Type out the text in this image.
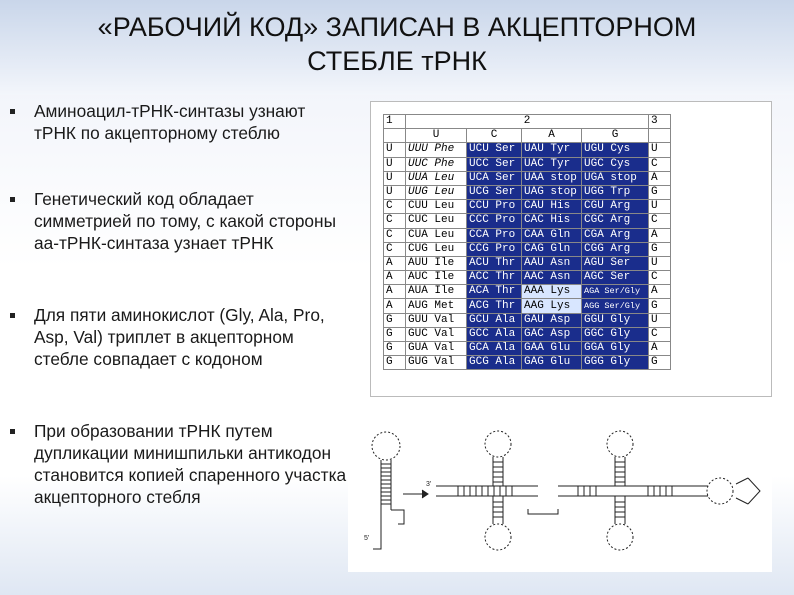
«РАБОЧИЙ КОД» ЗАПИСАН В АКЦЕПТОРНОМ
СТЕБЛЕ тРНК
Аминоацил-тРНК-синтазы узнают тРНК по акцепторному стеблю
Генетический код обладает симметрией по тому, с какой стороны аа-тРНК-синтаза узнает тРНК
Для пяти аминокислот (Gly, Ala, Pro, Asp, Val) триплет в акцепторном стебле совпадает с кодоном
При образовании тРНК путем дупликации минишпильки антикодон становится копией спаренного участка акцепторного стебля
1	2				3
	U	C	A	G	
U	UUU Phe	UCU Ser	UAU Tyr	UGU Cys	U
U	UUC Phe	UCC Ser	UAC Tyr	UGC Cys	C
U	UUA Leu	UCA Ser	UAA stop	UGA stop	A
U	UUG Leu	UCG Ser	UAG stop	UGG Trp	G
C	CUU Leu	CCU Pro	CAU His	CGU Arg	U
C	CUC Leu	CCC Pro	CAC His	CGC Arg	C
C	CUA Leu	CCA Pro	CAA Gln	CGA Arg	A
C	CUG Leu	CCG Pro	CAG Gln	CGG Arg	G
A	AUU Ile	ACU Thr	AAU Asn	AGU Ser	U
A	AUC Ile	ACC Thr	AAC Asn	AGC Ser	C
A	AUA Ile	ACA Thr	AAA Lys	AGA Ser/Gly	A
A	AUG Met	ACG Thr	AAG Lys	AGG Ser/Gly	G
G	GUU Val	GCU Ala	GAU Asp	GGU Gly	U
G	GUC Val	GCC Ala	GAC Asp	GGC Gly	C
G	GUA Val	GCA Ala	GAA Glu	GGA Gly	A
G	GUG Val	GCG Ala	GAG Glu	GGG Gly	G
3'
5'
